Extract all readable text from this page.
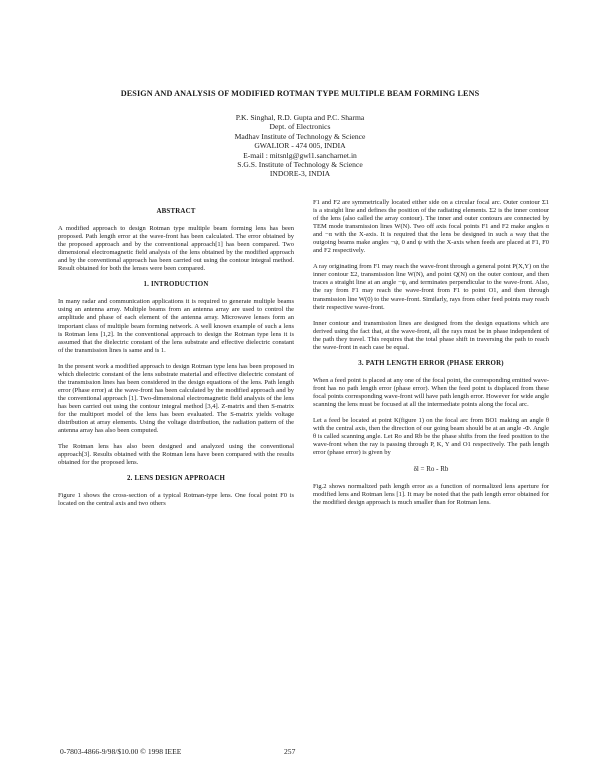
DESIGN AND ANALYSIS OF MODIFIED ROTMAN TYPE MULTIPLE BEAM FORMING LENS
P.K. Singhal, R.D. Gupta and P.C. Sharma
Dept. of Electronics
Madhav Institute of Technology & Science
GWALIOR - 474 005, INDIA
E-mail : mitsnlg@gwl1.sancharnet.in
S.G.S. Institute of Technology & Science
INDORE-3, INDIA
ABSTRACT

A modified approach to design Rotman type multiple beam forming lens has been proposed. Path length error at the wave-front has been calculated. The error obtained by the proposed approach and by the conventional approach[1] has been compared. Two dimensional electromagnetic field analysis of the lens obtained by the modified approach and by the conventional approach has been carried out using the contour integral method. Result obtained for both the lenses were been compared.

1. INTRODUCTION

In many radar and communication applications it is required to generate multiple beams using an antenna array. Multiple beams from an antenna array are used to control the amplitude and phase of each element of the antenna array. Microwave lenses form an important class of multiple beam forming network. A well known example of such a lens is Rotman lens [1,2]. In the conventional approach to design the Rotman type lens it is assumed that the dielectric constant of the lens substrate and effective dielectric constant of the transmission lines is same and is 1.

In the present work a modified approach to design Rotman type lens has been proposed in which dielectric constant of the lens substrate material and effective dielectric constant of the transmission lines has been considered in the design equations of the lens. Path length error (Phase error) at the wave-front has been calculated by the modified approach and by the conventional approach [1]. Two-dimensional electromagnetic field analysis of the lens has been carried out using the contour integral method [3,4]. Z-matrix and then S-matrix for the multiport model of the lens has been evaluated. The S-matrix yields voltage distribution at array elements. Using the voltage distribution, the radiation pattern of the antenna array has also been computed.

The Rotman lens has also been designed and analyzed using the conventional approach[3]. Results obtained with the Rotman lens have been compared with the results obtained for the proposed lens.

2. LENS DESIGN APPROACH

Figure 1 shows the cross-section of a typical Rotman-type lens. One focal point F0 is located on the central axis and two others

F1 and F2 are symmetrically located either side on a circular focal arc. Outer contour Σ1 is a straight line and defines the position of the radiating elements. Σ2 is the inner contour of the lens (also called the array contour). The inner and outer contours are connected by TEM mode transmission lines W(N). Two off axis focal points F1 and F2 make angles α and −α with the X-axis. It is required that the lens be designed in such a way that the outgoing beams make angles −ψ, 0 and ψ with the X-axis when feeds are placed at F1, F0 and F2 respectively.

A ray originating from F1 may reach the wave-front through a general point P(X,Y) on the inner contour Σ2, transmission line W(N), and point Q(N) on the outer contour, and then traces a straight line at an angle −ψ, and terminates perpendicular to the wave-front. Also, the ray from F1 may reach the wave-front from F1 to point O1, and then through transmission line W(0) to the wave-front. Similarly, rays from other feed points may reach their respective wave-front.

Inner contour and transmission lines are designed from the design equations which are derived using the fact that, at the wave-front, all the rays must be in phase independent of the path they travel. This requires that the total phase shift in traversing the path to reach the wave-front in each case be equal.

3. PATH LENGTH ERROR (PHASE ERROR)

When a feed point is placed at any one of the focal point, the corresponding emitted wave-front has no path length error (phase error). When the feed point is displaced from these focal points corresponding wave-front will have path length error. However for wide angle scanning the lens must be focused at all the intermediate points along the focal arc.

Let a feed be located at point K(figure 1) on the focal arc from BO1 making an angle θ with the central axis, then the direction of our going beam should be at an angle -Φ. Angle θ is called scanning angle. Let Ro and Rb be the phase shifts from the feed position to the wave-front when the ray is passing through P, K, Y and O1 respectively. The path length error (phase error) is given by

δl = Ro - Rb

Fig.2 shows normalized path length error as a function of normalized lens aperture for modified lens and Rotman lens [1]. It may be noted that the path length error obtained for the modified design approach is much smaller than for Rotman lens.

0-7803-4866-9/98/$10.00 © 1998 IEEE	257
